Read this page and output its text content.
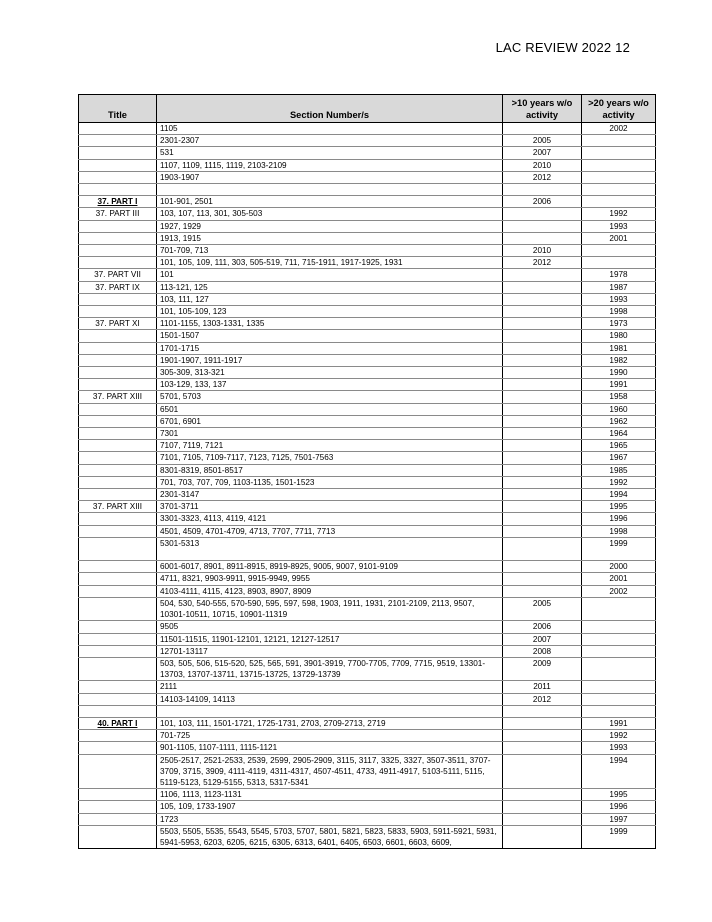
LAC REVIEW 2022 12
Title	Section Number/s	>10 years w/o activity	>20 years w/o activity
	1105		2002
	2301-2307	2005	
	531	2007	
	1107, 1109, 1115, 1119, 2103-2109	2010	
	1903-1907	2012	

37. PART I	101-901, 2501	2006	
37. PART III	103, 107, 113, 301, 305-503		1992
	1927, 1929		1993
	1913, 1915		2001
	701-709, 713	2010	
	101, 105, 109, 111, 303, 505-519, 711, 715-1911, 1917-1925, 1931	2012	
37. PART VII	101		1978
37. PART IX	113-121, 125		1987
	103, 111, 127		1993
	101, 105-109, 123		1998
37. PART XI	1101-1155, 1303-1331, 1335		1973
	1501-1507		1980
	1701-1715		1981
	1901-1907, 1911-1917		1982
	305-309, 313-321		1990
	103-129, 133, 137		1991
37. PART XIII	5701, 5703		1958
	6501		1960
	6701, 6901		1962
	7301		1964
	7107, 7119, 7121		1965
	7101, 7105, 7109-7117, 7123, 7125, 7501-7563		1967
	8301-8319, 8501-8517		1985
	701, 703, 707, 709, 1103-1135, 1501-1523		1992
	2301-3147		1994
37. PART XIII	3701-3711		1995
	3301-3323, 4113, 4119, 4121		1996
	4501, 4509, 4701-4709, 4713, 7707, 7711, 7713		1998
	5301-5313		1999
	6001-6017, 8901, 8911-8915, 8919-8925, 9005, 9007, 9101-9109		2000
	4711, 8321, 9903-9911, 9915-9949, 9955		2001
	4103-4111, 4115, 4123, 8903, 8907, 8909		2002
	504, 530, 540-555, 570-590, 595, 597, 598, 1903, 1911, 1931, 2101-2109, 2113, 9507, 10301-10511, 10715, 10901-11319	2005	
	9505	2006	
	11501-11515, 11901-12101, 12121, 12127-12517	2007	
	12701-13117	2008	
	503, 505, 506, 515-520, 525, 565, 591, 3901-3919, 7700-7705, 7709, 7715, 9519, 13301-13703, 13707-13711, 13715-13725, 13729-13739	2009	
	2111	2011	
	14103-14109, 14113	2012	

40. PART I	101, 103, 111, 1501-1721, 1725-1731, 2703, 2709-2713, 2719		1991
	701-725		1992
	901-1105, 1107-1111, 1115-1121		1993
	2505-2517, 2521-2533, 2539, 2599, 2905-2909, 3115, 3117, 3325, 3327, 3507-3511, 3707-3709, 3715, 3909, 4111-4119, 4311-4317, 4507-4511, 4733, 4911-4917, 5103-5111, 5115, 5119-5123, 5129-5155, 5313, 5317-5341		1994
	1106, 1113, 1123-1131		1995
	105, 109, 1733-1907		1996
	1723		1997
	5503, 5505, 5535, 5543, 5545, 5703, 5707, 5801, 5821, 5823, 5833, 5903, 5911-5921, 5931, 5941-5953, 6203, 6205, 6215, 6305, 6313, 6401, 6405, 6503, 6601, 6603, 6609,		1999
